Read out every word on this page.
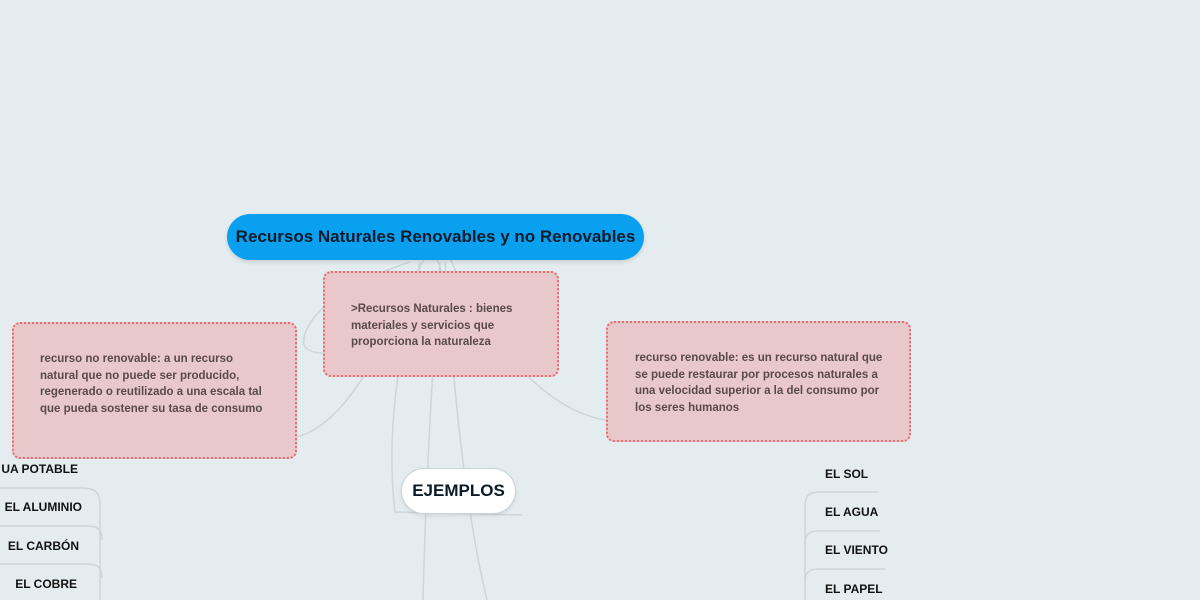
Recursos Naturales Renovables y no Renovables
>Recursos Naturales : bienes materiales y servicios que proporciona la naturaleza
recurso no renovable: a un recurso natural que no puede ser producido, regenerado o reutilizado a una escala tal que pueda sostener su tasa de consumo
recurso renovable: es un recurso natural que se puede restaurar por procesos naturales a una velocidad superior a la del consumo por los seres humanos
EJEMPLOS
UA POTABLE
EL ALUMINIO
EL CARBÓN
EL COBRE
EL SOL
EL AGUA
EL VIENTO
EL PAPEL
